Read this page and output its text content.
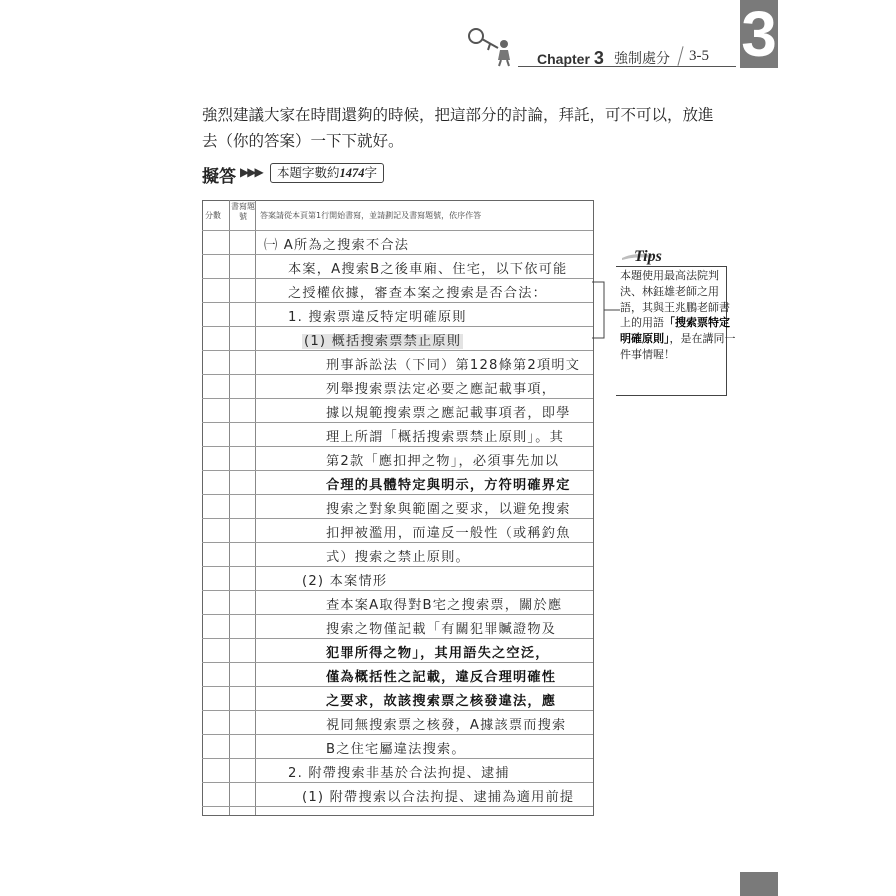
Chapter 3 強制處分 3-5 3
強烈建議大家在時間還夠的時候，把這部分的討論，拜託，可不可以，放進去（你的答案）一下下就好。
擬答 ▶▶▶	本題字數約1474字
分數
書寫題號	答案請從本頁第1行開始書寫，並請劃記及書寫題號，依序作答
㈠ A所為之搜索不合法
本案，A搜索B之後車廂、住宅，以下依可能
之授權依據，審查本案之搜索是否合法：
1. 搜索票違反特定明確原則
(1) 概括搜索票禁止原則
刑事訴訟法（下同）第128條第2項明文
列舉搜索票法定必要之應記載事項，
據以規範搜索票之應記載事項者，即學
理上所謂「概括搜索票禁止原則」。其
第2款「應扣押之物」，必須事先加以
合理的具體特定與明示，方符明確界定
搜索之對象與範圍之要求，以避免搜索
扣押被濫用，而違反一般性（或稱釣魚
式）搜索之禁止原則。
(2) 本案情形
查本案A取得對B宅之搜索票，關於應
搜索之物僅記載「有關犯罪贓證物及
犯罪所得之物」，其用語失之空泛，
僅為概括性之記載，違反合理明確性
之要求，故該搜索票之核發違法，應
視同無搜索票之核發，A據該票而搜索
B之住宅屬違法搜索。
2. 附帶搜索非基於合法拘提、逮捕
(1) 附帶搜索以合法拘提、逮捕為適用前提
Tips
本題使用最高法院判決、林鈺雄老師之用語，其與王兆鵬老師書上的用語「搜索票特定明確原則」，是在講同一件事情喔！
